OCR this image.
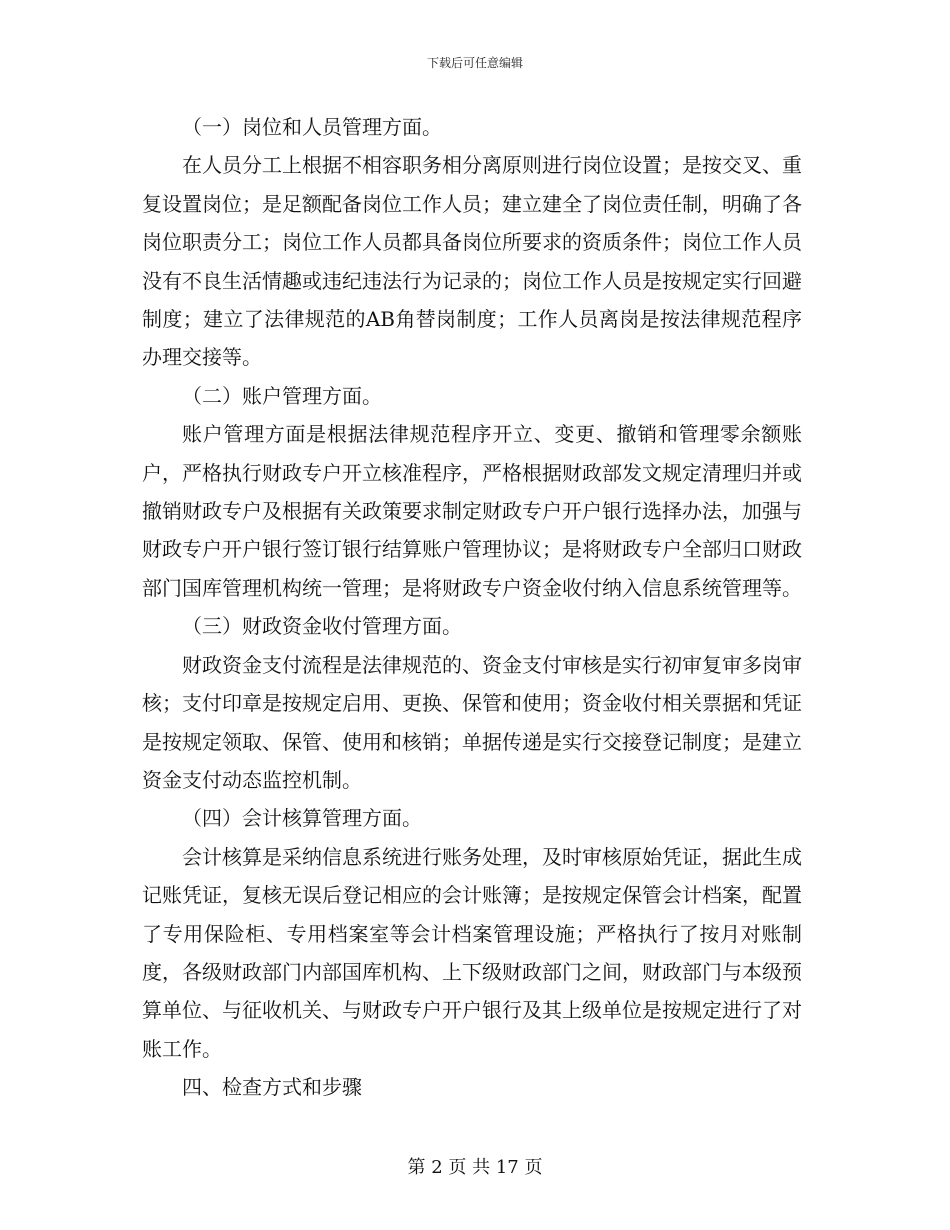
下载后可任意编辑

（一）岗位和人员管理方面。

在人员分工上根据不相容职务相分离原则进行岗位设置；是按交叉、重复设置岗位；是足额配备岗位工作人员；建立建全了岗位责任制，明确了各岗位职责分工；岗位工作人员都具备岗位所要求的资质条件；岗位工作人员没有不良生活情趣或违纪违法行为记录的；岗位工作人员是按规定实行回避制度；建立了法律规范的AB角替岗制度；工作人员离岗是按法律规范程序办理交接等。

（二）账户管理方面。

账户管理方面是根据法律规范程序开立、变更、撤销和管理零余额账户，严格执行财政专户开立核准程序，严格根据财政部发文规定清理归并或撤销财政专户及根据有关政策要求制定财政专户开户银行选择办法，加强与财政专户开户银行签订银行结算账户管理协议；是将财政专户全部归口财政部门国库管理机构统一管理；是将财政专户资金收付纳入信息系统管理等。

（三）财政资金收付管理方面。

财政资金支付流程是法律规范的、资金支付审核是实行初审复审多岗审核；支付印章是按规定启用、更换、保管和使用；资金收付相关票据和凭证是按规定领取、保管、使用和核销；单据传递是实行交接登记制度；是建立资金支付动态监控机制。

（四）会计核算管理方面。

会计核算是采纳信息系统进行账务处理，及时审核原始凭证，据此生成记账凭证，复核无误后登记相应的会计账簿；是按规定保管会计档案，配置了专用保险柜、专用档案室等会计档案管理设施；严格执行了按月对账制度，各级财政部门内部国库机构、上下级财政部门之间，财政部门与本级预算单位、与征收机关、与财政专户开户银行及其上级单位是按规定进行了对账工作。

四、检查方式和步骤

第 2 页 共 17 页
